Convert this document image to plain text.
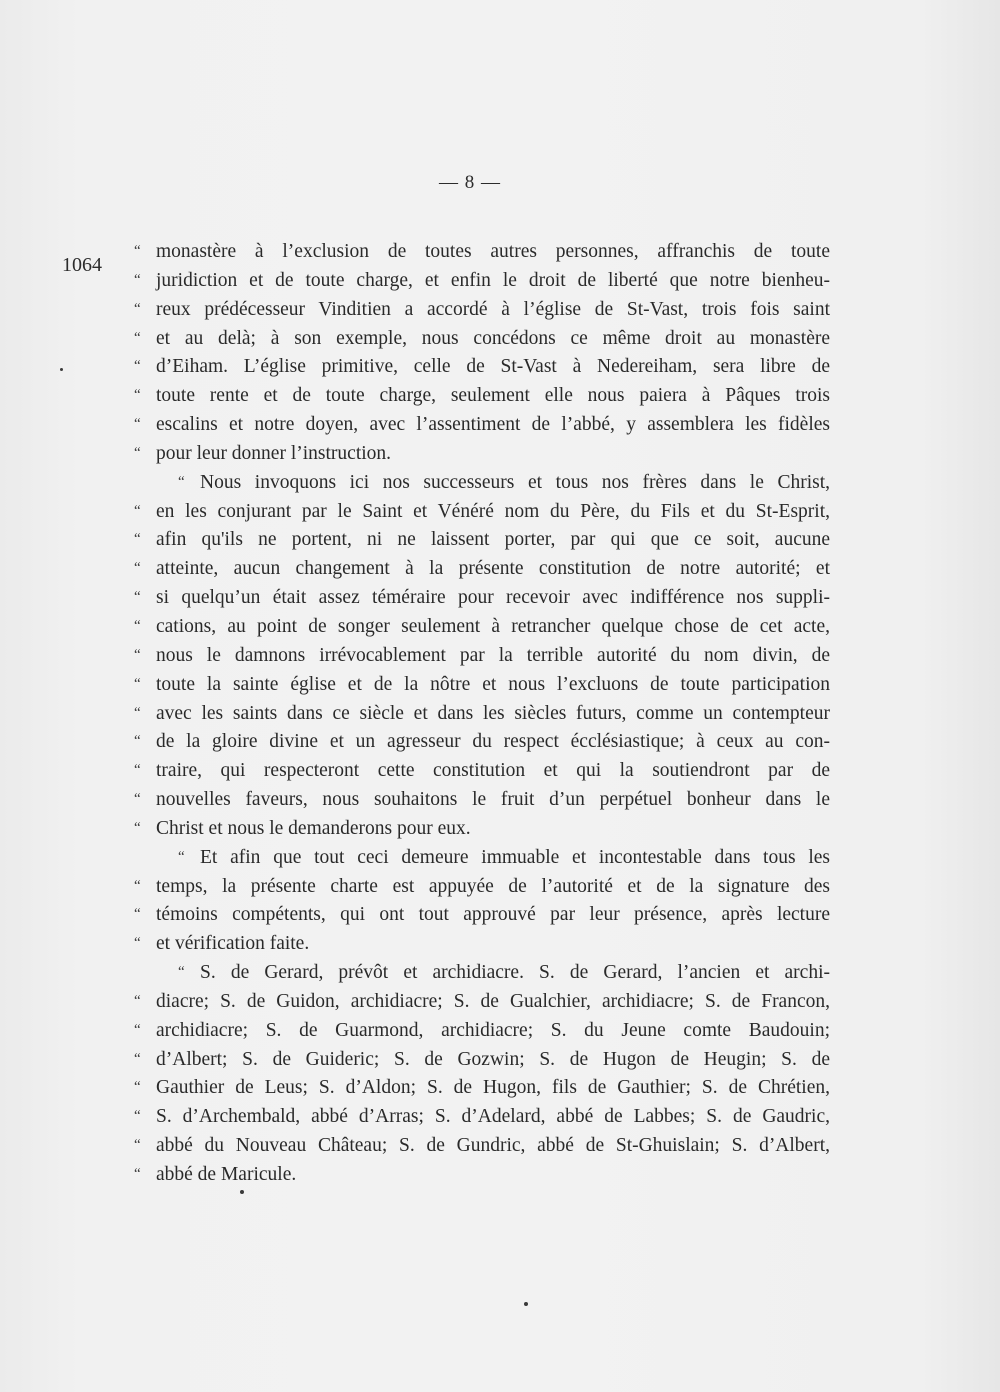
— 8 —
1064
“ monastère à l’exclusion de toutes autres personnes, affranchis de toute
“ juridiction et de toute charge, et enfin le droit de liberté que notre bienheu-
“ reux prédécesseur Vinditien a accordé à l’église de St-Vast, trois fois saint
“ et au delà; à son exemple, nous concédons ce même droit au monastère
“ d’Eiham. L’église primitive, celle de St-Vast à Nedereiham, sera libre de
“ toute rente et de toute charge, seulement elle nous paiera à Pâques trois
“ escalins et notre doyen, avec l’assentiment de l’abbé, y assemblera les fidèles
“ pour leur donner l’instruction.
“ Nous invoquons ici nos successeurs et tous nos frères dans le Christ,
“ en les conjurant par le Saint et Vénéré nom du Père, du Fils et du St-Esprit,
“ afin qu'ils ne portent, ni ne laissent porter, par qui que ce soit, aucune
“ atteinte, aucun changement à la présente constitution de notre autorité; et
“ si quelqu’un était assez téméraire pour recevoir avec indifférence nos suppli-
“ cations, au point de songer seulement à retrancher quelque chose de cet acte,
“ nous le damnons irrévocablement par la terrible autorité du nom divin, de
“ toute la sainte église et de la nôtre et nous l’excluons de toute participation
“ avec les saints dans ce siècle et dans les siècles futurs, comme un contempteur
“ de la gloire divine et un agresseur du respect écclésiastique; à ceux au con-
“ traire, qui respecteront cette constitution et qui la soutiendront par de
“ nouvelles faveurs, nous souhaitons le fruit d’un perpétuel bonheur dans le
“ Christ et nous le demanderons pour eux.
“ Et afin que tout ceci demeure immuable et incontestable dans tous les
“ temps, la présente charte est appuyée de l’autorité et de la signature des
“ témoins compétents, qui ont tout approuvé par leur présence, après lecture
“ et vérification faite.
“ S. de Gerard, prévôt et archidiacre. S. de Gerard, l’ancien et archi-
“ diacre; S. de Guidon, archidiacre; S. de Gualchier, archidiacre; S. de Francon,
“ archidiacre; S. de Guarmond, archidiacre; S. du Jeune comte Baudouin;
“ d’Albert; S. de Guideric; S. de Gozwin; S. de Hugon de Heugin; S. de
“ Gauthier de Leus; S. d’Aldon; S. de Hugon, fils de Gauthier; S. de Chrétien,
“ S. d’Archembald, abbé d’Arras; S. d’Adelard, abbé de Labbes; S. de Gaudric,
“ abbé du Nouveau Château; S. de Gundric, abbé de St-Ghuislain; S. d’Albert,
“ abbé de Maricule.
